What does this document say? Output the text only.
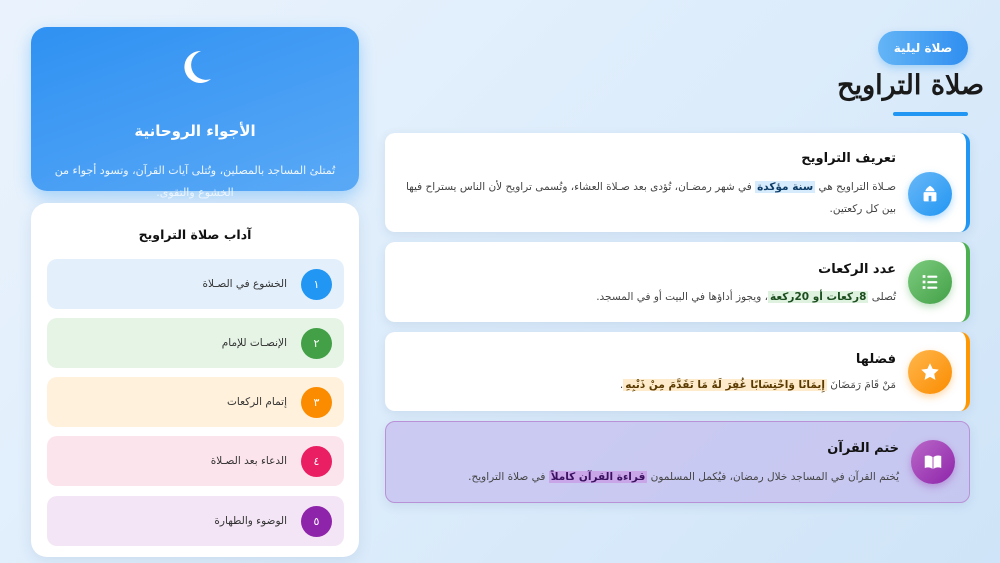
صلاة ليلية
صلاة التراويح
تعريف التراويح
صـلاة التراويح هي سنة مؤكدة في شهر رمضـان، تُؤدى بعد صـلاة العشاء، وتُسمى تراويح لأن الناس يستراح فيها بين كل ركعتين.
عدد الركعات
تُصلى 8ركعات أو 20ركعة، ويجوز أداؤها في البيت أو في المسجد.
فضلها
مَنْ قَامَ رَمَضَانَ إِيمَانًا وَاحْتِسَابًا غُفِرَ لَهُ مَا تَقَدَّمَ مِنْ ذَنْبِهِ.
ختم القرآن
يُختم القرآن في المساجد خلال رمضان، فيُكمل المسلمون قراءة القرآن كاملاً في صلاة التراويح.
الأجواء الروحانية
تُمتلئ المساجد بالمصلين، وتُتلى آيات القرآن، وتسود أجواء من الخشوع والتقوى.
آداب صلاة التراويح
١
الخشوع في الصـلاة
٢
الإنصـات للإمام
٣
إتمام الركعات
٤
الدعاء بعد الصـلاة
٥
الوضوء والطهارة
